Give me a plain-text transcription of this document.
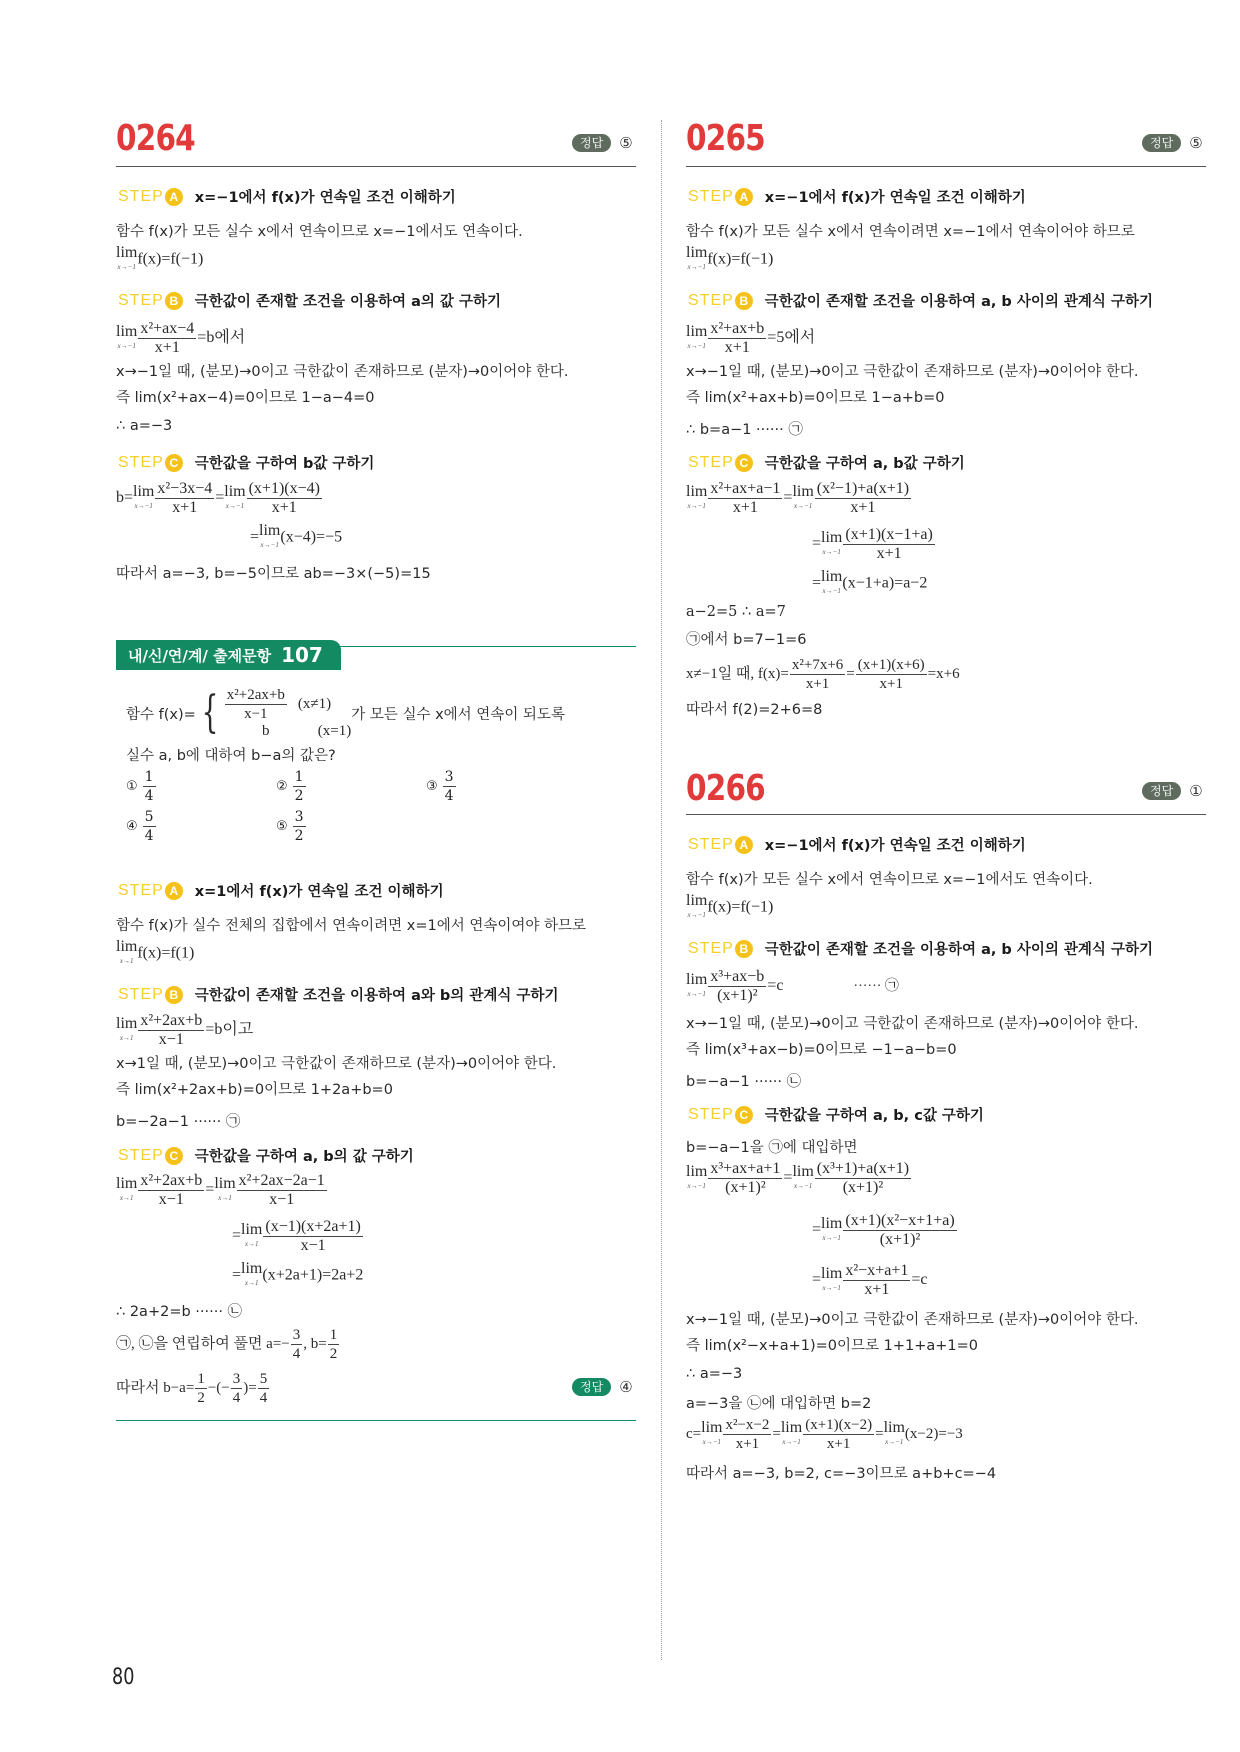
0264	정답	⑤
STEP A	x=−1에서 f(x)가 연속일 조건 이해하기
함수 f(x)가 모든 실수 x에서 연속이므로 x=−1에서도 연속이다.
lim
x→−1 f(x)=f(−1)
STEP B	극한값이 존재할 조건을 이용하여 a의 값 구하기
lim
$x\to-1 \frac{\text{x²+ax−4}}{x+1} =b$에서
x→−1일 때, (분모)→0이고 극한값이 존재하므로 (분자)→0이어야 한다.
즉 lim(x²+ax−4)=0이므로 1−a−4=0
∴ a=−3
STEP C	극한값을 구하여 b값 구하기
b= lim
$x\to-1 \frac{\text{x²−3x−4}}{x+1} = \lim$
$x\to-1 \frac{(x+1)(x-4)}{x+1}$
= lim
x→−1 (x−4)=−5
따라서 a=−3, b=−5이므로 ab=−3×(−5)=15
내/신/연/계/ 출제문항 107
함수 f(x)= { $\frac{\text{x²+2ax+b}}{x-1} (x\ne 1)$
b	(x=1)
가 모든 실수 x에서 연속이 되도록
실수 a, b에 대하여 b−a의 값은?
① $\frac{1}{4}$	② $\frac{1}{2}$	③ $\frac{3}{4}$
④ $\frac{5}{4}$	⑤ $\frac{3}{2}$
STEP A	x=1에서 f(x)가 연속일 조건 이해하기
함수 f(x)가 실수 전체의 집합에서 연속이려면 x=1에서 연속이여야 하므로
lim
x→1 f(x)=f(1)
STEP B	극한값이 존재할 조건을 이용하여 a와 b의 관계식 구하기
lim
$x\to 1 \frac{\text{x²+2ax+b}}{x-1} =b$이고
x→1일 때, (분모)→0이고 극한값이 존재하므로 (분자)→0이어야 한다.
즉 lim(x²+2ax+b)=0이므로 1+2a+b=0
b=−2a−1 ······ ㉠
STEP C	극한값을 구하여 a, b의 값 구하기
lim
$x\to 1 \frac{\text{x²+2ax+b}}{x-1} = \lim$
$x\to 1 \frac{\text{x²+2ax−2a−1}}{x-1}$
= lim
$x\to 1 \frac{(x-1)(x+2a+1)}{x-1}$
= lim
x→1 (x+2a+1)=2a+2
∴ 2a+2=b ······ ㉡
㉠, ㉡을 연립하여 풀면 $a=- \frac{3}{4}$ , $b= \frac{1}{2}$
따라서 $b-a= \frac{1}{2}$ −(− $\frac{3}{4}$ )= $\frac{5}{4}$	정답	④
0265	정답	⑤
STEP A	x=−1에서 f(x)가 연속일 조건 이해하기
함수 f(x)가 모든 실수 x에서 연속이려면 x=−1에서 연속이어야 하므로
lim
x→−1 f(x)=f(−1)
STEP B	극한값이 존재할 조건을 이용하여 a, b 사이의 관계식 구하기
lim
$x\to-1 \frac{\text{x²+ax+b}}{x+1} =5$에서
x→−1일 때, (분모)→0이고 극한값이 존재하므로 (분자)→0이어야 한다.
즉 lim(x²+ax+b)=0이므로 1−a+b=0
∴ b=a−1 ······ ㉠
STEP C	극한값을 구하여 a, b값 구하기
lim
$x\to-1 \frac{\text{x²+ax+a−1}}{x+1} = \lim$
$x\to-1 \frac{\text{(x²−1)+a(x+1)}}{x+1}$
= lim
$x\to-1 \frac{(x+1)(x-1+a)}{x+1}$
= lim
x→−1 (x−1+a)=a−2
a−2=5 ∴ a=7
㉠에서 b=7−1=6
x≠−1일 때, $f(x)= \frac{\text{x²+7x+6}}{x+1} = \frac{(x+1)(x+6)}{x+1} =x+6$
따라서 f(2)=2+6=8
0266	정답	①
STEP A	x=−1에서 f(x)가 연속일 조건 이해하기
함수 f(x)가 모든 실수 x에서 연속이므로 x=−1에서도 연속이다.
lim
x→−1 f(x)=f(−1)
STEP B	극한값이 존재할 조건을 이용하여 a, b 사이의 관계식 구하기
lim
$x\to-1 \frac{\text{x³+ax−b}}{\text{(x+1)²}} =c$	······ ㉠
x→−1일 때, (분모)→0이고 극한값이 존재하므로 (분자)→0이어야 한다.
즉 lim(x³+ax−b)=0이므로 −1−a−b=0
b=−a−1 ······ ㉡
STEP C	극한값을 구하여 a, b, c값 구하기
b=−a−1을 ㉠에 대입하면
lim
$x\to-1 \frac{\text{x³+ax+a+1}}{\text{(x+1)²}} = \lim$
$x\to-1 \frac{\text{(x³+1)+a(x+1)}}{\text{(x+1)²}}$
= lim
$x\to-1 \frac{\text{(x+1)(x²−x+1+a)}}{\text{(x+1)²}}$
= lim
$x\to-1 \frac{\text{x²−x+a+1}}{x+1} =c$
x→−1일 때, (분모)→0이고 극한값이 존재하므로 (분자)→0이어야 한다.
즉 lim(x²−x+a+1)=0이므로 1+1+a+1=0
∴ a=−3
a=−3을 ㉡에 대입하면 b=2
c= lim
$x\to-1 \frac{\text{x²−x−2}}{x+1} = \lim$
$x\to-1 \frac{(x+1)(x-2)}{x+1} = \lim$
x→−1 (x−2)=−3
따라서 a=−3, b=2, c=−3이므로 a+b+c=−4
80
